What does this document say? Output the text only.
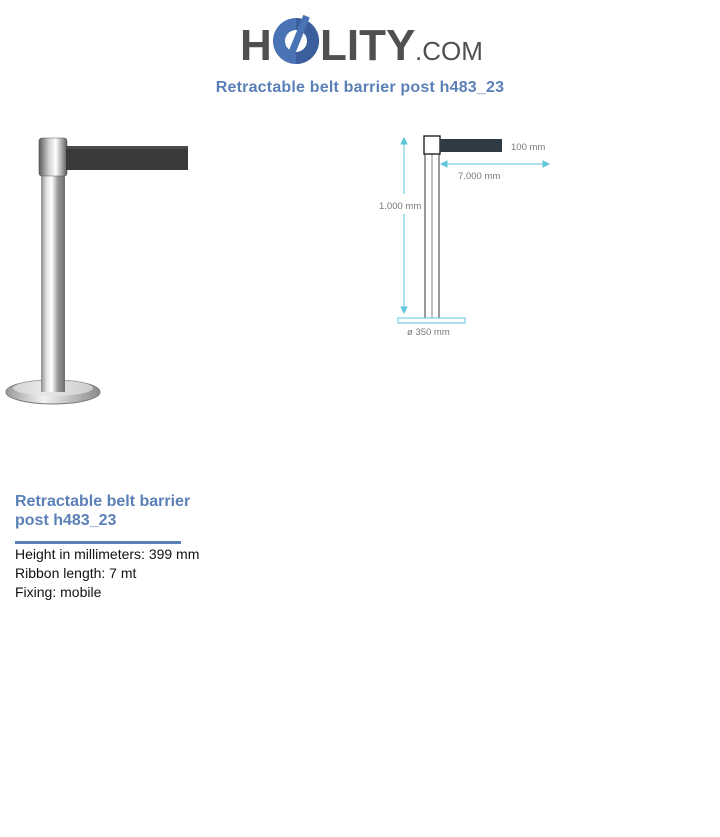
H LITY .COM
Retractable belt barrier post h483_23
1.000 mm
100 mm
7.000 mm
ø 350 mm
Retractable belt barrier
post h483_23
Height in millimeters: 399 mm
Ribbon length: 7 mt
Fixing: mobile
